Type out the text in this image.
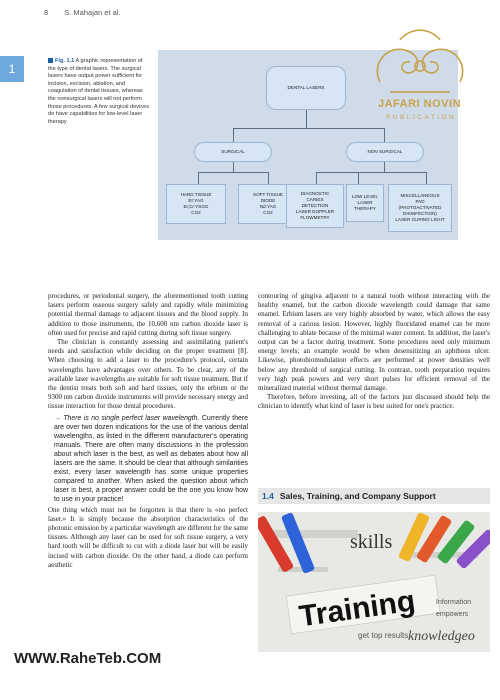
8 S. Mahajan et al.
1
Fig. 1.1 A graphic representation of the type of dental lasers. The surgical lasers have output power sufficient for incision, excision, ablation, and coagulation of dental tissues, whereas the nonsurgical lasers will not perform those procedures. A few surgical devices do have capabilities for low-level laser therapy
DENTAL LASERS
SURGICAL	NON SURGICAL
HARD TISSUE
Er:YAG
Er,Cr:YSGG
CO2
SOFT TISSUE
DIODE
Nd:YAG
CO2
DIAGNOSTIC
CARIES
DETECTION
LASER DOPPLER
FLOWMETRY
LOW LEVEL
LASER
THERAPY
MISCELLANEOUS
PAD
(PHOTOACTIVATED
DISINFECTION)
LASER CURING LIGHT
JAFARI NOVIN
PUBLICATION

procedures, or periodontal surgery, the aforementioned tooth cutting lasers perform osseous surgery safely and rapidly while minimizing potential thermal damage to adjacent tissues and the blood supply. In addition to those instruments, the 10,600 nm carbon dioxide laser is often used for precise and rapid cutting during soft tissue surgery.

The clinician is constantly assessing and assimilating patient's needs and satisfaction while deciding on the proper treatment [8]. When choosing to add a laser to the procedure's protocol, certain wavelengths have advantages over others. To be clear, any of the available laser wavelengths are suitable for soft tissue treatment. But if the dentist treats both soft and hard tissues, only the erbium or the 9300 nm carbon dioxide instruments will provide necessary energy and tissue interaction for those dental procedures.

→ There is no single perfect laser wavelength. Currently there are over two dozen indications for the use of the various dental wavelengths, as listed in the different manufacturer's operating manuals. There are often many discussions in the profession about which laser is the best, as well as debates about how all lasers are the same. It should be clear that although similarities exist, every laser wavelength has some unique properties compared to another. When asked the question about which laser is best, a proper answer could be the one you know how to use in your practice!

One thing which must not be forgotten is that there is «no perfect laser.» It is simply because the absorption characteristics of the photonic emission by a particular wavelength are different for the same tissues. Although any laser can be used for soft tissue surgery, a very hard tooth will be difficult to cut with a diode laser but will be easily incised with carbon dioxide. On the other hand, a diode can perform aesthetic

contouring of gingiva adjacent to a natural tooth without interacting with the healthy enamel, but the carbon dioxide wavelength could damage that same enamel. Erbium lasers are very highly absorbed by water, which allows the easy removal of a carious lesion. However, highly fluoridated enamel can be more challenging to ablate because of the minimal water content. In addition, the laser's output can be a factor during treatment. Some procedures need only minimum energy levels; an example would be when desensitizing an aphthous ulcer. Likewise, photobiomodulation effects are performed at power densities well below any threshold of surgical cutting. In contrast, tooth preparation requires very high peak powers and very short pulses for efficient removal of the mineralized material without thermal damage.

Therefore, before investing, all of the factors just discussed should help the clinician to identify what kind of laser is best suited for one's practice.

1.4 Sales, Training, and Company Support
Training
skills
knowledgeo
get top results
Information
empowers
WWW.RaheTeb.COM
